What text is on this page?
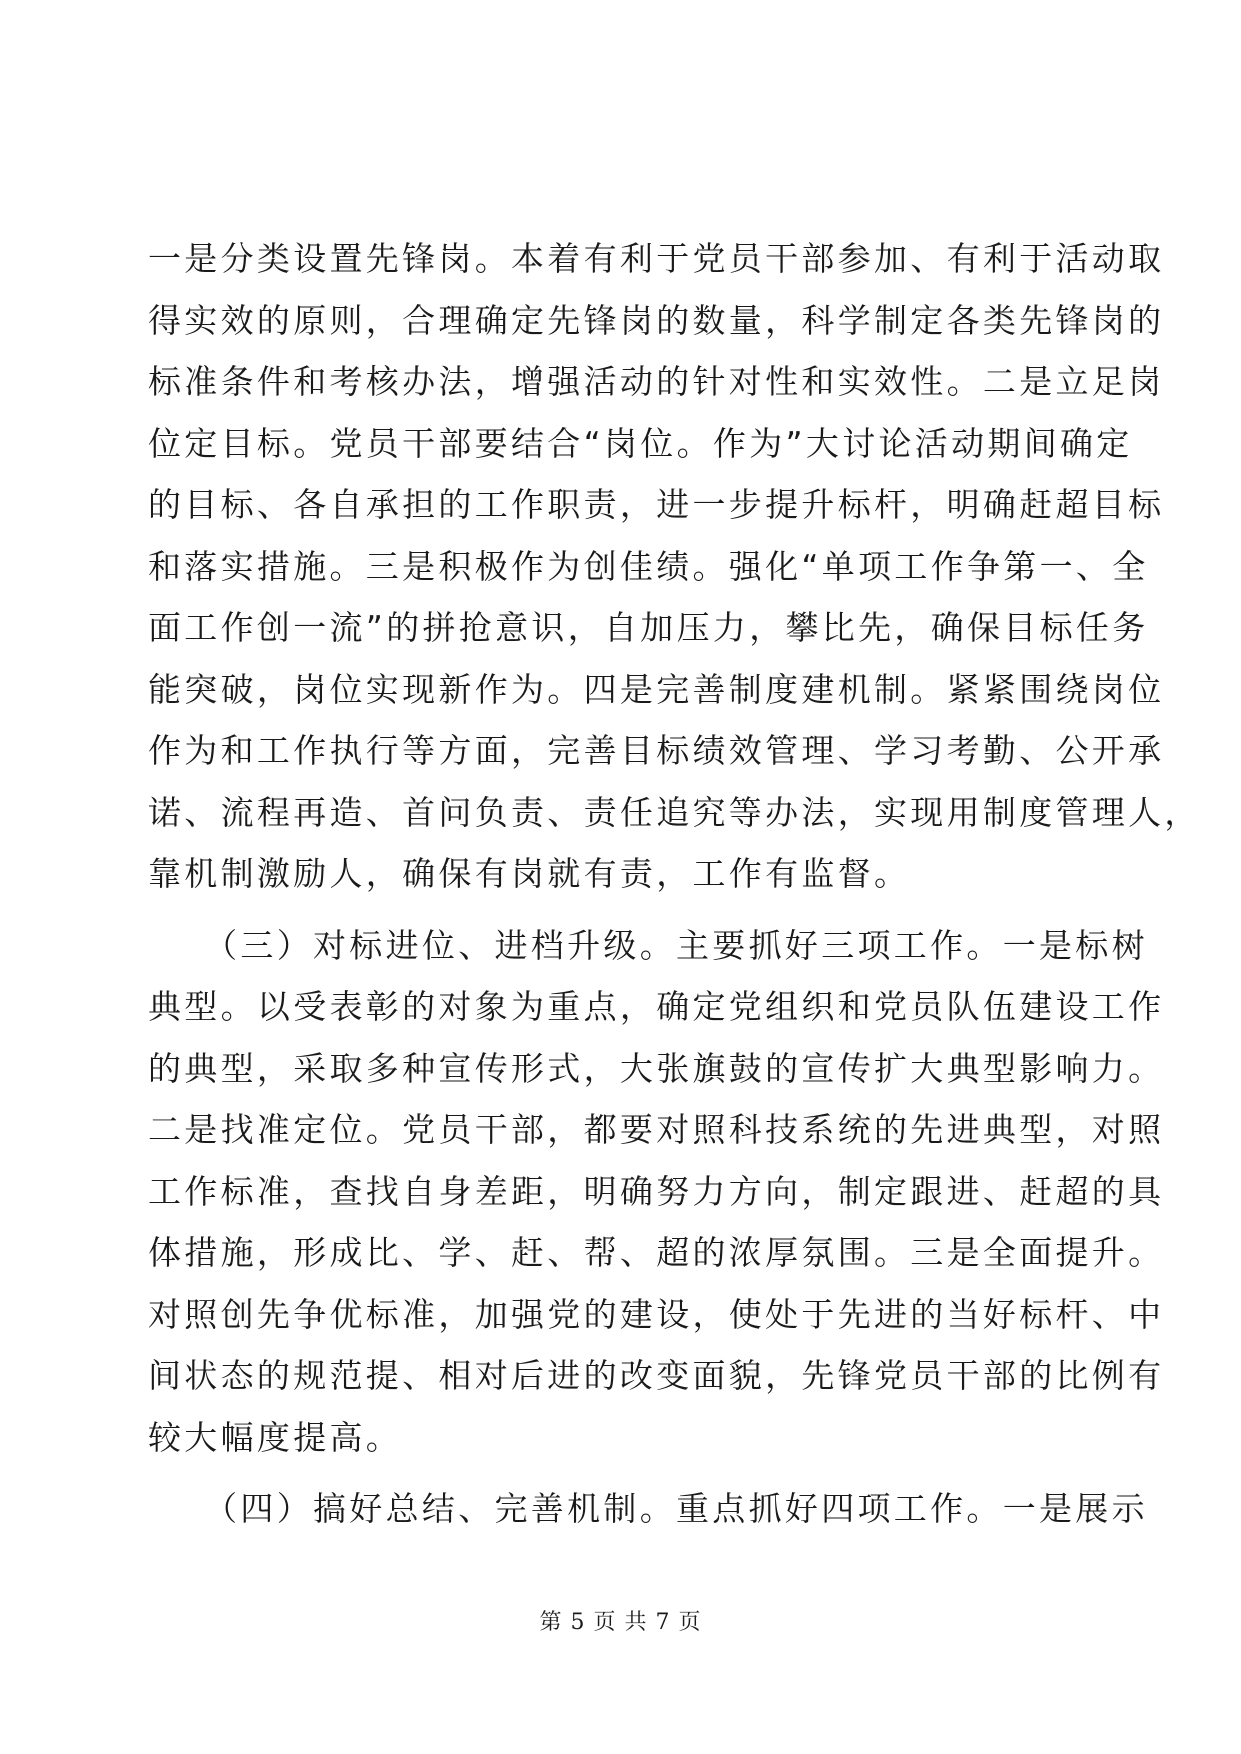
一是分类设置先锋岗。本着有利于党员干部参加、有利于活动取
得实效的原则，合理确定先锋岗的数量，科学制定各类先锋岗的
标准条件和考核办法，增强活动的针对性和实效性。二是立足岗
位定目标。党员干部要结合“岗位。作为”大讨论活动期间确定
的目标、各自承担的工作职责，进一步提升标杆，明确赶超目标
和落实措施。三是积极作为创佳绩。强化“单项工作争第一、全
面工作创一流”的拼抢意识，自加压力，攀比先，确保目标任务
能突破，岗位实现新作为。四是完善制度建机制。紧紧围绕岗位
作为和工作执行等方面，完善目标绩效管理、学习考勤、公开承
诺、流程再造、首问负责、责任追究等办法，实现用制度管理人，
靠机制激励人，确保有岗就有责，工作有监督。
　　（三）对标进位、进档升级。主要抓好三项工作。一是标树
典型。以受表彰的对象为重点，确定党组织和党员队伍建设工作
的典型，采取多种宣传形式，大张旗鼓的宣传扩大典型影响力。
二是找准定位。党员干部，都要对照科技系统的先进典型，对照
工作标准，查找自身差距，明确努力方向，制定跟进、赶超的具
体措施，形成比、学、赶、帮、超的浓厚氛围。三是全面提升。
对照创先争优标准，加强党的建设，使处于先进的当好标杆、中
间状态的规范提、相对后进的改变面貌，先锋党员干部的比例有
较大幅度提高。
　　（四）搞好总结、完善机制。重点抓好四项工作。一是展示
第 5 页 共 7 页
